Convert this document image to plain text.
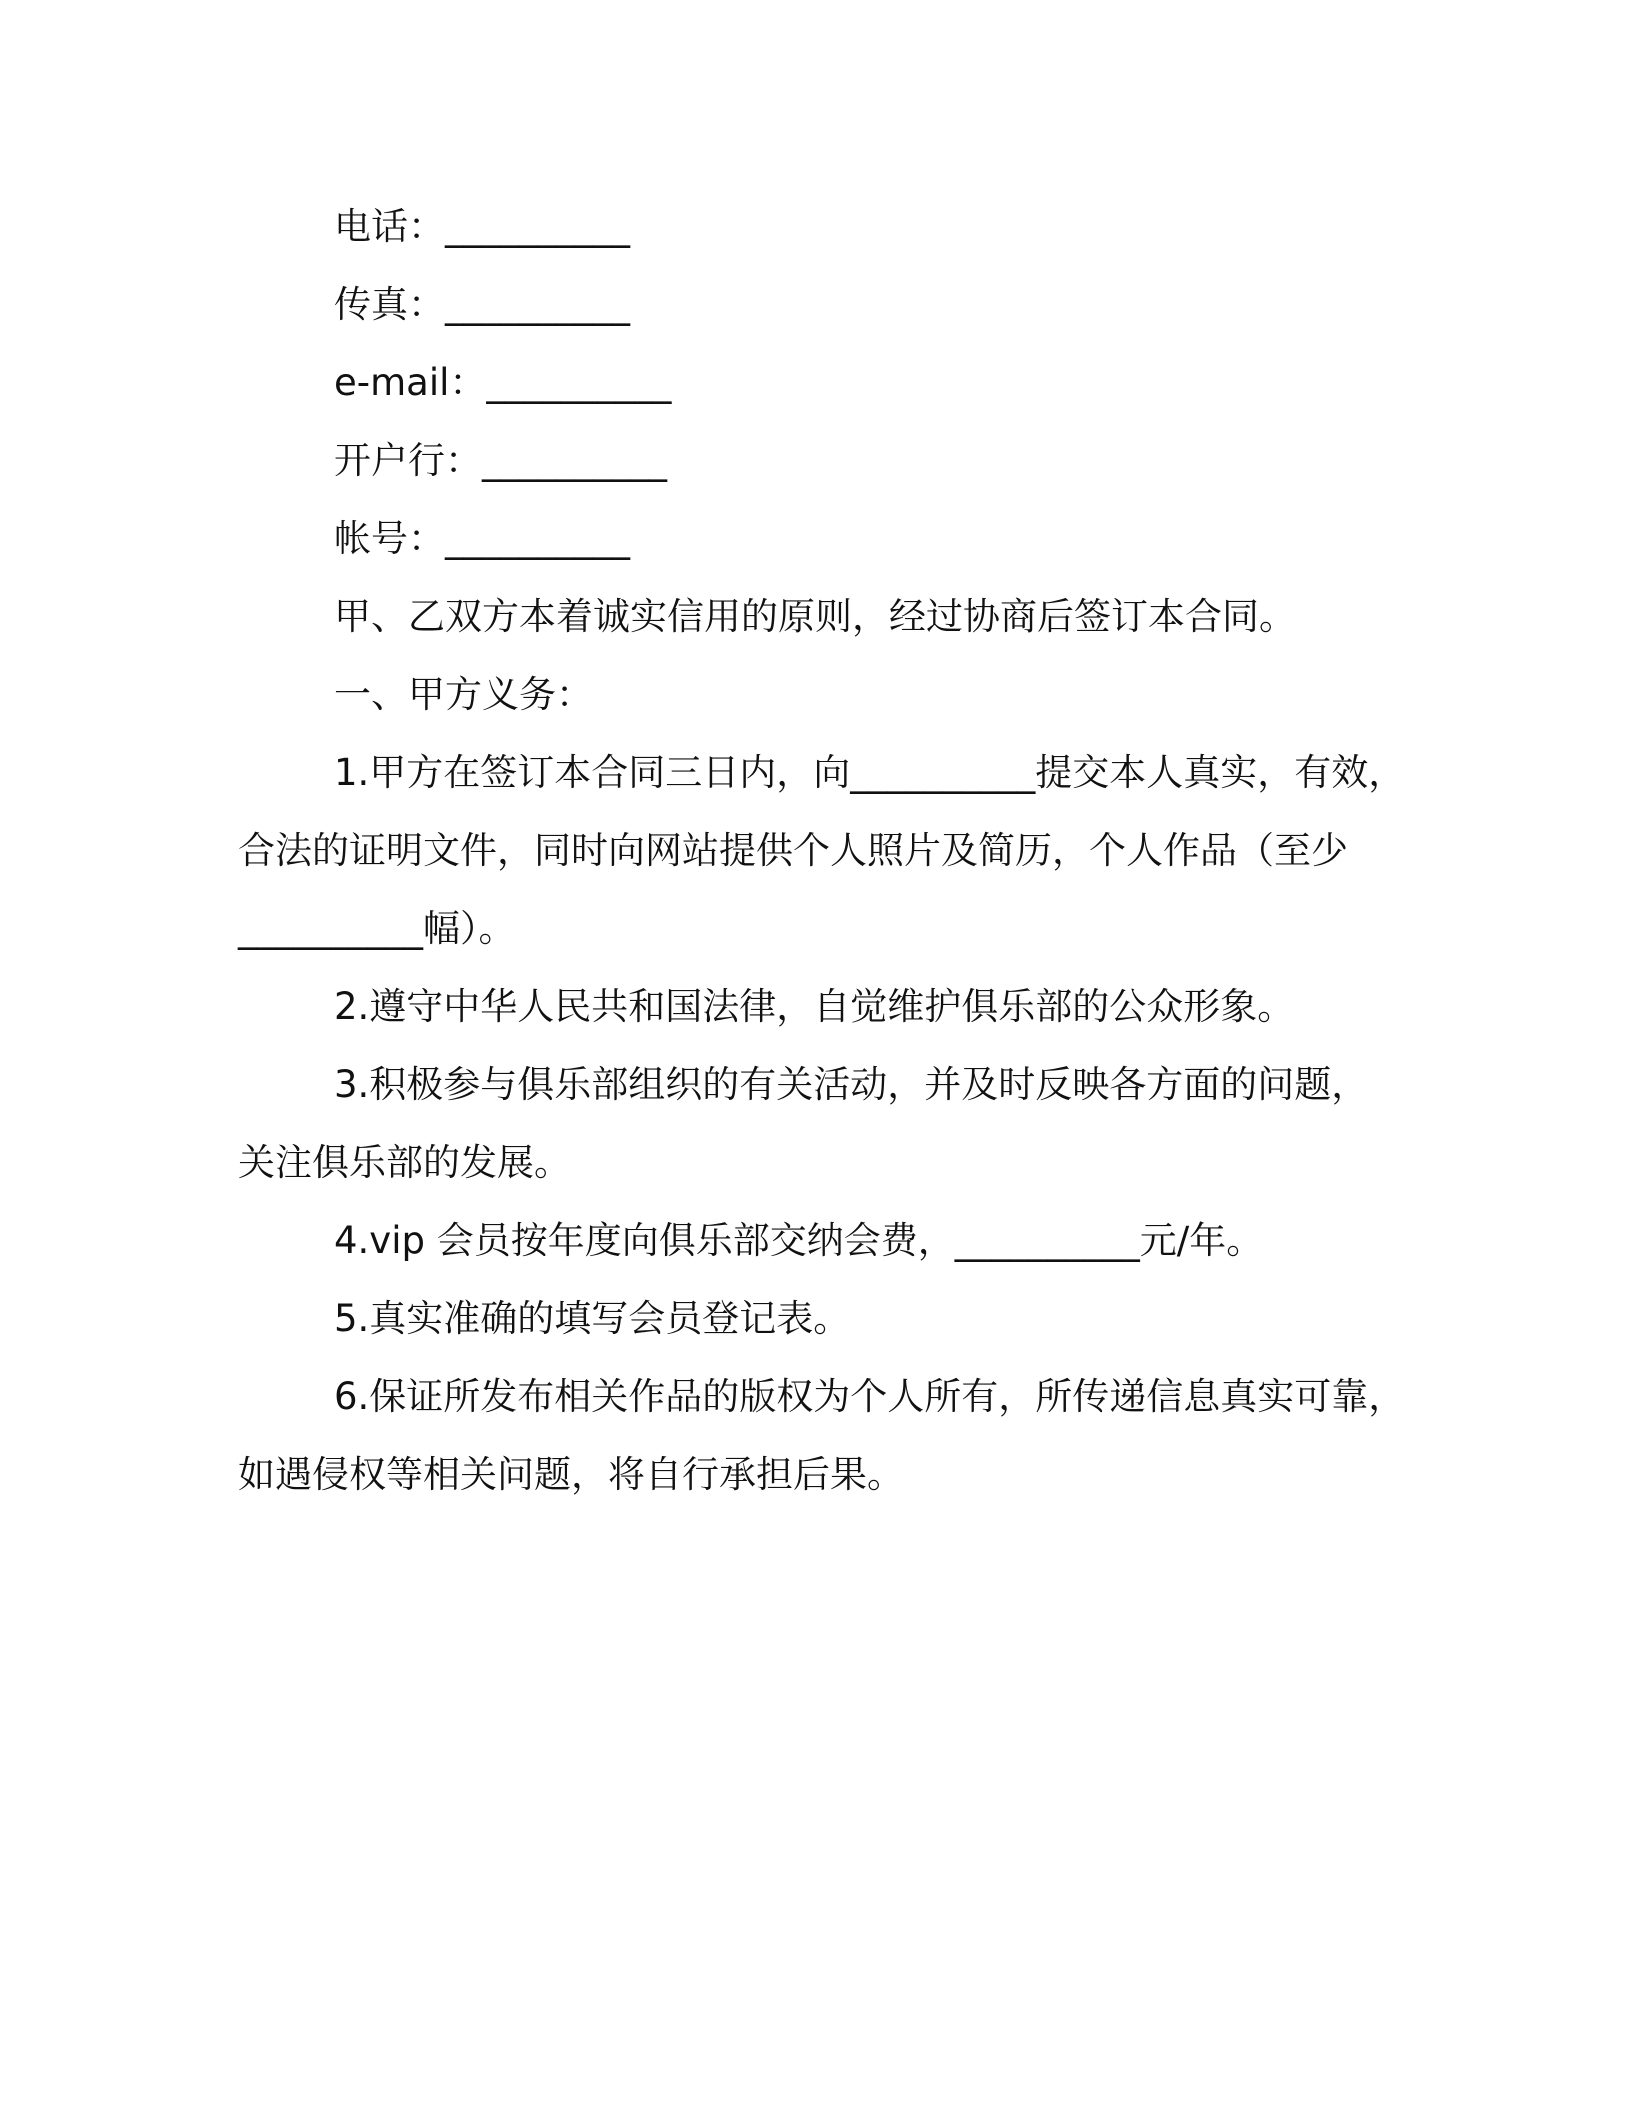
电话：__________

传真：__________

e-mail：__________

开户行：__________

帐号：__________

甲、乙双方本着诚实信用的原则，经过协商后签订本合同。

一、甲方义务：

1.甲方在签订本合同三日内，向__________提交本人真实，有效，

合法的证明文件，同时向网站提供个人照片及简历，个人作品（至少

__________幅）。

2.遵守中华人民共和国法律，自觉维护俱乐部的公众形象。

3.积极参与俱乐部组织的有关活动，并及时反映各方面的问题，

关注俱乐部的发展。

4.vip 会员按年度向俱乐部交纳会费，__________元/年。

5.真实准确的填写会员登记表。

6.保证所发布相关作品的版权为个人所有，所传递信息真实可靠，

如遇侵权等相关问题，将自行承担后果。
